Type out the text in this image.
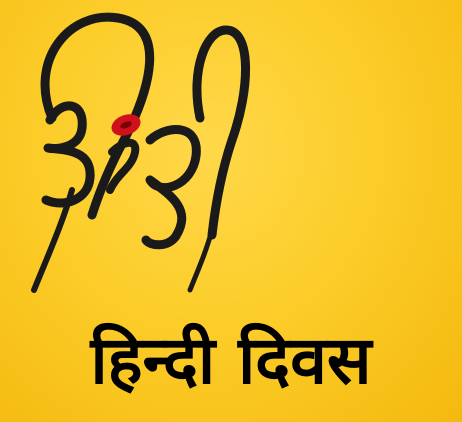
हिन्दी दिवस
